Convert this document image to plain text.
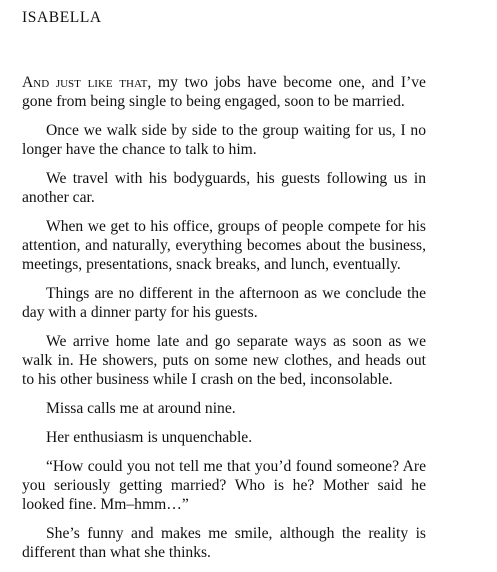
ISABELLA

And just like that, my two jobs have become one, and I’ve gone from being single to being engaged, soon to be married.

Once we walk side by side to the group waiting for us, I no longer have the chance to talk to him.

We travel with his bodyguards, his guests following us in another car.

When we get to his office, groups of people compete for his attention, and naturally, everything becomes about the business, meetings, presentations, snack breaks, and lunch, eventually.

Things are no different in the afternoon as we conclude the day with a dinner party for his guests.

We arrive home late and go separate ways as soon as we walk in. He showers, puts on some new clothes, and heads out to his other business while I crash on the bed, inconsolable.

Missa calls me at around nine.

Her enthusiasm is unquenchable.

“How could you not tell me that you’d found someone? Are you seriously getting married? Who is he? Mother said he looked fine. Mm–hmm…”

She’s funny and makes me smile, although the reality is different than what she thinks.
